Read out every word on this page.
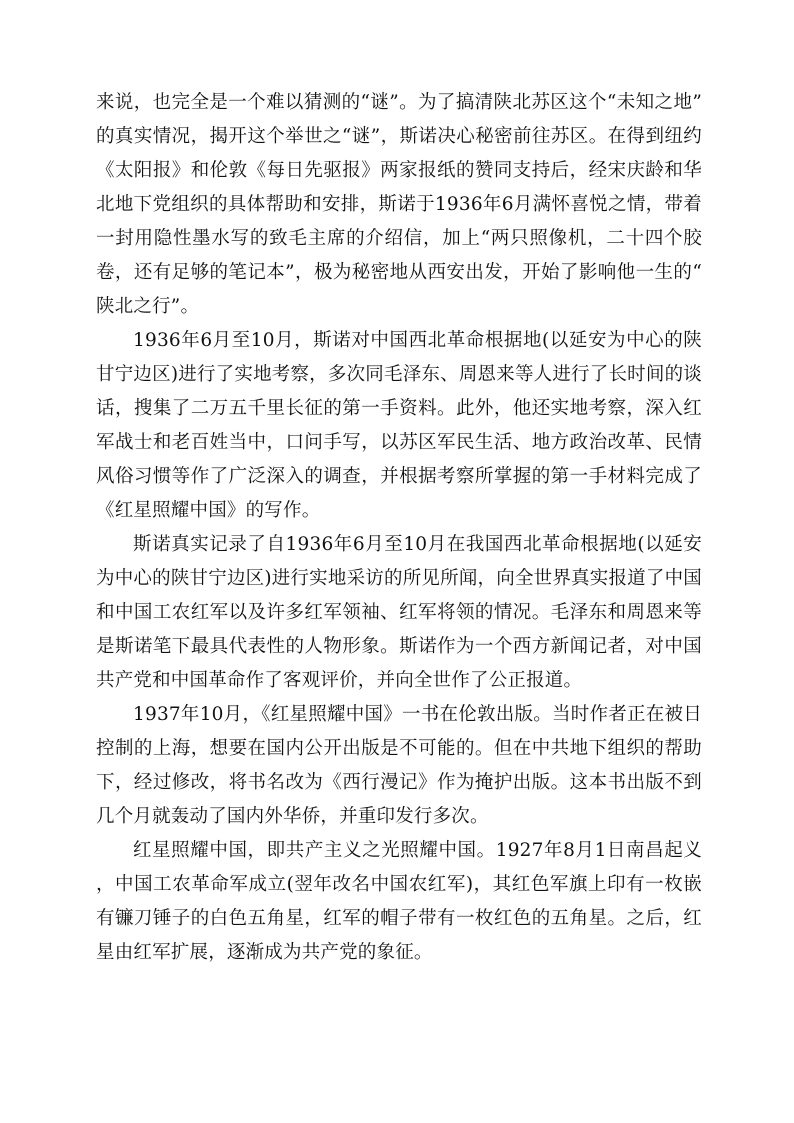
来说，也完全是一个难以猜测的“谜”。为了搞清陕北苏区这个“未知之地”的真实情况，揭开这个举世之“谜”，斯诺决心秘密前往苏区。在得到纽约《太阳报》和伦敦《每日先驱报》两家报纸的赞同支持后，经宋庆龄和华北地下党组织的具体帮助和安排，斯诺于1936年6月满怀喜悦之情，带着一封用隐性墨水写的致毛主席的介绍信，加上“两只照像机，二十四个胶卷，还有足够的笔记本”，极为秘密地从西安出发，开始了影响他一生的“陕北之行”。

1936年6月至10月，斯诺对中国西北革命根据地(以延安为中心的陕甘宁边区)进行了实地考察，多次同毛泽东、周恩来等人进行了长时间的谈话，搜集了二万五千里长征的第一手资料。此外，他还实地考察，深入红军战士和老百姓当中，口问手写，以苏区军民生活、地方政治改革、民情风俗习惯等作了广泛深入的调查，并根据考察所掌握的第一手材料完成了《红星照耀中国》的写作。

斯诺真实记录了自1936年6月至10月在我国西北革命根据地(以延安为中心的陕甘宁边区)进行实地采访的所见所闻，向全世界真实报道了中国和中国工农红军以及许多红军领袖、红军将领的情况。毛泽东和周恩来等是斯诺笔下最具代表性的人物形象。斯诺作为一个西方新闻记者，对中国共产党和中国革命作了客观评价，并向全世作了公正报道。

1937年10月，《红星照耀中国》一书在伦敦出版。当时作者正在被日控制的上海，想要在国内公开出版是不可能的。但在中共地下组织的帮助下，经过修改，将书名改为《西行漫记》作为掩护出版。这本书出版不到几个月就轰动了国内外华侨，并重印发行多次。

红星照耀中国，即共产主义之光照耀中国。1927年8月1日南昌起义，中国工农革命军成立(翌年改名中国农红军)，其红色军旗上印有一枚嵌有镰刀锤子的白色五角星，红军的帽子带有一枚红色的五角星。之后，红星由红军扩展，逐渐成为共产党的象征。
